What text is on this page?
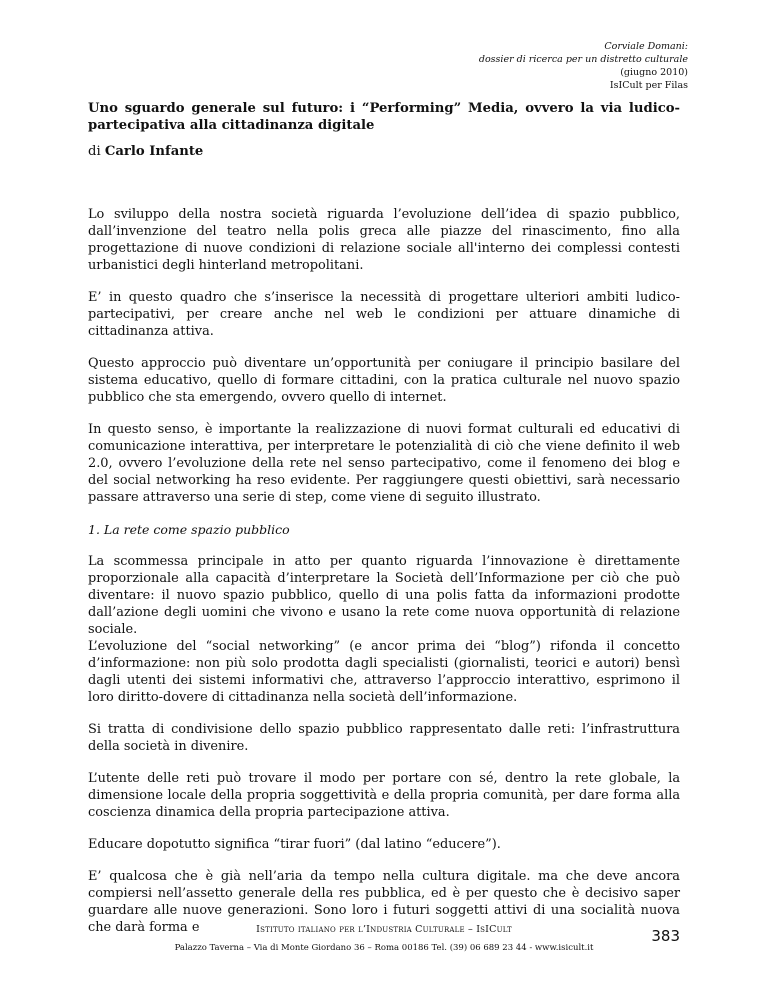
Corviale Domani:
dossier di ricerca per un distretto culturale
(giugno 2010)
IsICult per Filas
Uno sguardo generale sul futuro: i “Performing” Media, ovvero la via ludico-partecipativa alla cittadinanza digitale
di Carlo Infante

Lo sviluppo della nostra società riguarda l’evoluzione dell’idea di spazio pubblico, dall’invenzione del teatro nella polis greca alle piazze del rinascimento, fino alla progettazione di nuove condizioni di relazione sociale all'interno dei complessi contesti urbanistici degli hinterland metropolitani.

E’ in questo quadro che s’inserisce la necessità di progettare ulteriori ambiti ludico-partecipativi, per creare anche nel web le condizioni per attuare dinamiche di cittadinanza attiva.

Questo approccio può diventare un’opportunità per coniugare il principio basilare del sistema educativo, quello di formare cittadini, con la pratica culturale nel nuovo spazio pubblico che sta emergendo, ovvero quello di internet.

In questo senso, è importante la realizzazione di nuovi format culturali ed educativi di comunicazione interattiva, per interpretare le potenzialità di ciò che viene definito il web 2.0, ovvero l’evoluzione della rete nel senso partecipativo, come il fenomeno dei blog e del social networking ha reso evidente. Per raggiungere questi obiettivi, sarà necessario passare attraverso una serie di step, come viene di seguito illustrato.

1. La rete come spazio pubblico

La scommessa principale in atto per quanto riguarda l’innovazione è direttamente proporzionale alla capacità d’interpretare la Società dell’Informazione per ciò che può diventare: il nuovo spazio pubblico, quello di una polis fatta da informazioni prodotte dall’azione degli uomini che vivono e usano la rete come nuova opportunità di relazione sociale.

L’evoluzione del “social networking” (e ancor prima dei “blog”) rifonda il concetto d’informazione: non più solo prodotta dagli specialisti (giornalisti, teorici e autori) bensì dagli utenti dei sistemi informativi che, attraverso l’approccio interattivo, esprimono il loro diritto-dovere di cittadinanza nella società dell’informazione.

Si tratta di condivisione dello spazio pubblico rappresentato dalle reti: l’infrastruttura della società in divenire.

L’utente delle reti può trovare il modo per portare con sé, dentro la rete globale, la dimensione locale della propria soggettività e della propria comunità, per dare forma alla coscienza dinamica della propria partecipazione attiva.

Educare dopotutto significa “tirar fuori” (dal latino “educere”).

E’ qualcosa che è già nell’aria da tempo nella cultura digitale. ma che deve ancora compiersi nell’assetto generale della res pubblica, ed è per questo che è decisivo saper guardare alle nuove generazioni. Sono loro i futuri soggetti attivi di una socialità nuova che darà forma e	Istituto italiano per l’Industria Culturale – IsICult
Palazzo Taverna – Via di Monte Giordano 36 – Roma 00186 Tel. (39) 06 689 23 44 - www.isicult.it
383
